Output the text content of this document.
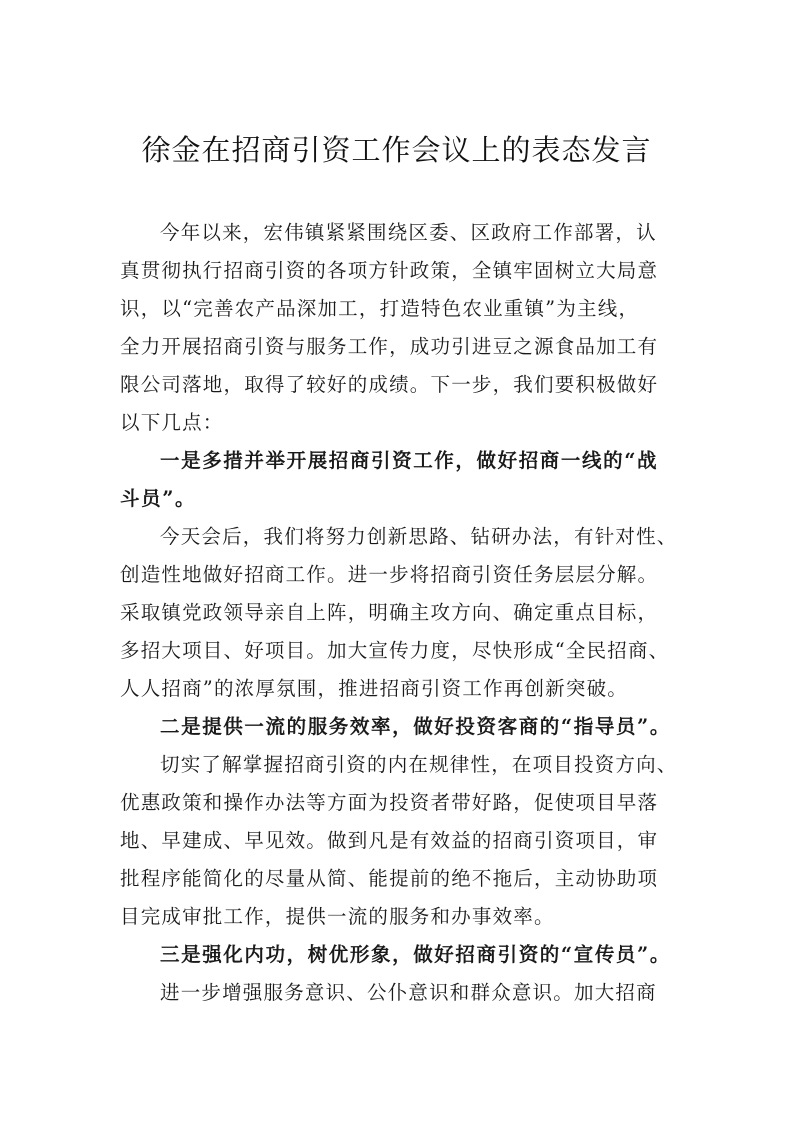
徐金在招商引资工作会议上的表态发言
今年以来，宏伟镇紧紧围绕区委、区政府工作部署，认
真贯彻执行招商引资的各项方针政策，全镇牢固树立大局意
识，以“完善农产品深加工，打造特色农业重镇”为主线，
全力开展招商引资与服务工作，成功引进豆之源食品加工有
限公司落地，取得了较好的成绩。下一步，我们要积极做好
以下几点：
一是多措并举开展招商引资工作，做好招商一线的“战
斗员”。
今天会后，我们将努力创新思路、钻研办法，有针对性、
创造性地做好招商工作。进一步将招商引资任务层层分解。
采取镇党政领导亲自上阵，明确主攻方向、确定重点目标，
多招大项目、好项目。加大宣传力度，尽快形成“全民招商、
人人招商”的浓厚氛围，推进招商引资工作再创新突破。
二是提供一流的服务效率，做好投资客商的“指导员”。
切实了解掌握招商引资的内在规律性，在项目投资方向、
优惠政策和操作办法等方面为投资者带好路，促使项目早落
地、早建成、早见效。做到凡是有效益的招商引资项目，审
批程序能简化的尽量从简、能提前的绝不拖后，主动协助项
目完成审批工作，提供一流的服务和办事效率。
三是强化内功，树优形象，做好招商引资的“宣传员”。
进一步增强服务意识、公仆意识和群众意识。加大招商
